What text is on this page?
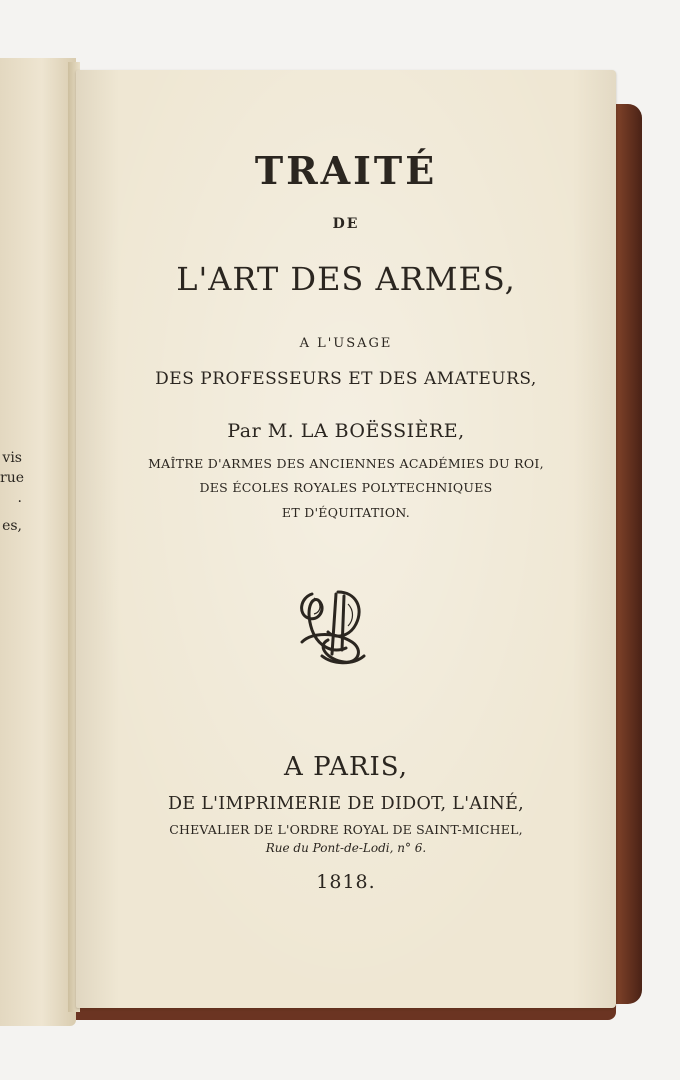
vis
rue
.
es,
TRAITÉ
DE
L'ART DES ARMES,
A L'USAGE
DES PROFESSEURS ET DES AMATEURS,
Par M. LA BOËSSIÈRE,
MAÎTRE D'ARMES DES ANCIENNES ACADÉMIES DU ROI,
DES ÉCOLES ROYALES POLYTECHNIQUES
ET D'ÉQUITATION.
A PARIS,
DE L'IMPRIMERIE DE DIDOT, L'AINÉ,
CHEVALIER DE L'ORDRE ROYAL DE SAINT-MICHEL,
Rue du Pont-de-Lodi, n° 6.
1818.
